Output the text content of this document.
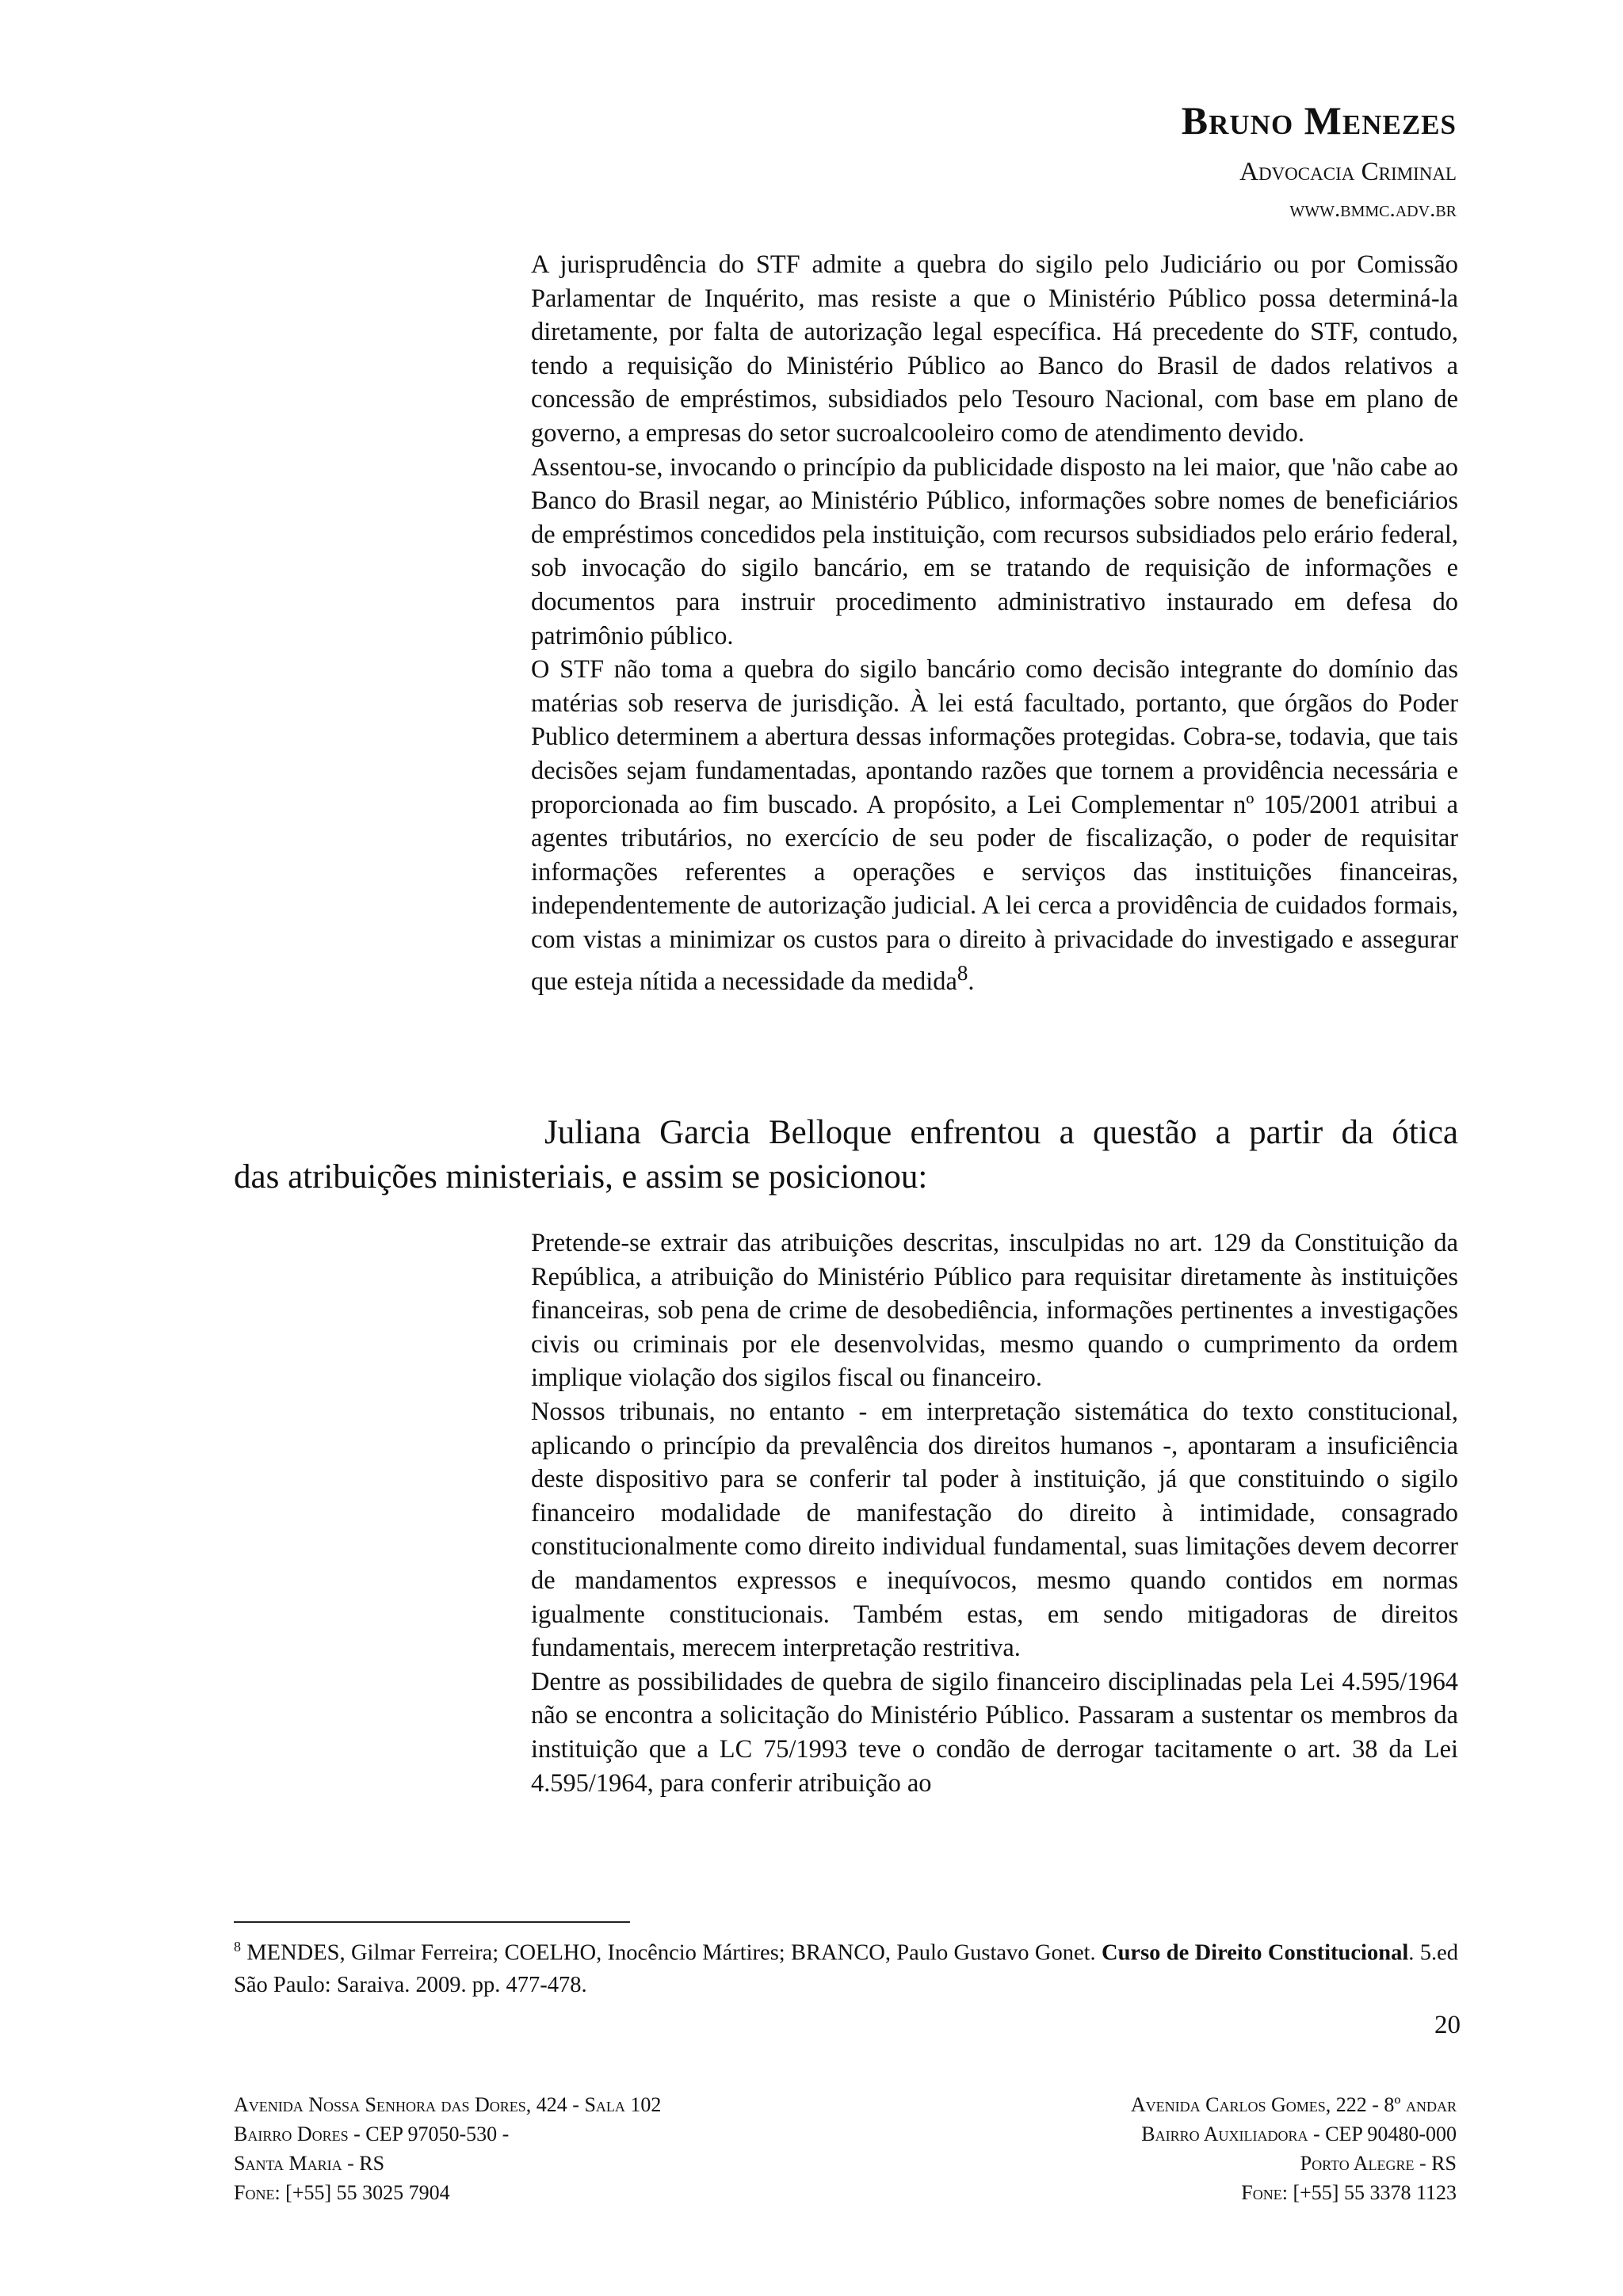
Bruno Menezes
Advocacia Criminal
www.bmmc.adv.br

A jurisprudência do STF admite a quebra do sigilo pelo Judiciário ou por Comissão Parlamentar de Inquérito, mas resiste a que o Ministério Público possa determiná-la diretamente, por falta de autorização legal específica. Há precedente do STF, contudo, tendo a requisição do Ministério Público ao Banco do Brasil de dados relativos a concessão de empréstimos, subsidiados pelo Tesouro Nacional, com base em plano de governo, a empresas do setor sucroalcooleiro como de atendimento devido.

Assentou-se, invocando o princípio da publicidade disposto na lei maior, que 'não cabe ao Banco do Brasil negar, ao Ministério Público, informações sobre nomes de beneficiários de empréstimos concedidos pela instituição, com recursos subsidiados pelo erário federal, sob invocação do sigilo bancário, em se tratando de requisição de informações e documentos para instruir procedimento administrativo instaurado em defesa do patrimônio público.

O STF não toma a quebra do sigilo bancário como decisão integrante do domínio das matérias sob reserva de jurisdição. À lei está facultado, portanto, que órgãos do Poder Publico determinem a abertura dessas informações protegidas. Cobra-se, todavia, que tais decisões sejam fundamentadas, apontando razões que tornem a providência necessária e proporcionada ao fim buscado. A propósito, a Lei Complementar nº 105/2001 atribui a agentes tributários, no exercício de seu poder de fiscalização, o poder de requisitar informações referentes a operações e serviços das instituições financeiras, independentemente de autorização judicial. A lei cerca a providência de cuidados formais, com vistas a minimizar os custos para o direito à privacidade do investigado e assegurar que esteja nítida a necessidade da medida$^8$.

Juliana Garcia Belloque enfrentou a questão a partir da ótica
das atribuições ministeriais, e assim se posicionou:

Pretende-se extrair das atribuições descritas, insculpidas no art. 129 da Constituição da República, a atribuição do Ministério Público para requisitar diretamente às instituições financeiras, sob pena de crime de desobediência, informações pertinentes a investigações civis ou criminais por ele desenvolvidas, mesmo quando o cumprimento da ordem implique violação dos sigilos fiscal ou financeiro.

Nossos tribunais, no entanto - em interpretação sistemática do texto constitucional, aplicando o princípio da prevalência dos direitos humanos -, apontaram a insuficiência deste dispositivo para se conferir tal poder à instituição, já que constituindo o sigilo financeiro modalidade de manifestação do direito à intimidade, consagrado constitucionalmente como direito individual fundamental, suas limitações devem decorrer de mandamentos expressos e inequívocos, mesmo quando contidos em normas igualmente constitucionais. Também estas, em sendo mitigadoras de direitos fundamentais, merecem interpretação restritiva.

Dentre as possibilidades de quebra de sigilo financeiro disciplinadas pela Lei 4.595/1964 não se encontra a solicitação do Ministério Público. Passaram a sustentar os membros da instituição que a LC 75/1993 teve o condão de derrogar tacitamente o art. 38 da Lei 4.595/1964, para conferir atribuição ao

$^8$ MENDES, Gilmar Ferreira; COELHO, Inocêncio Mártires; BRANCO, Paulo Gustavo Gonet. Curso de Direito Constitucional. 5.ed São Paulo: Saraiva. 2009. pp. 477-478.
20
Avenida Nossa Senhora das Dores, 424 - Sala 102
Bairro Dores - CEP 97050-530 -
Santa Maria - RS
Fone: [+55] 55 3025 7904
Avenida Carlos Gomes, 222 - 8º andar
Bairro Auxiliadora - CEP 90480-000
Porto Alegre - RS
Fone: [+55] 55 3378 1123
